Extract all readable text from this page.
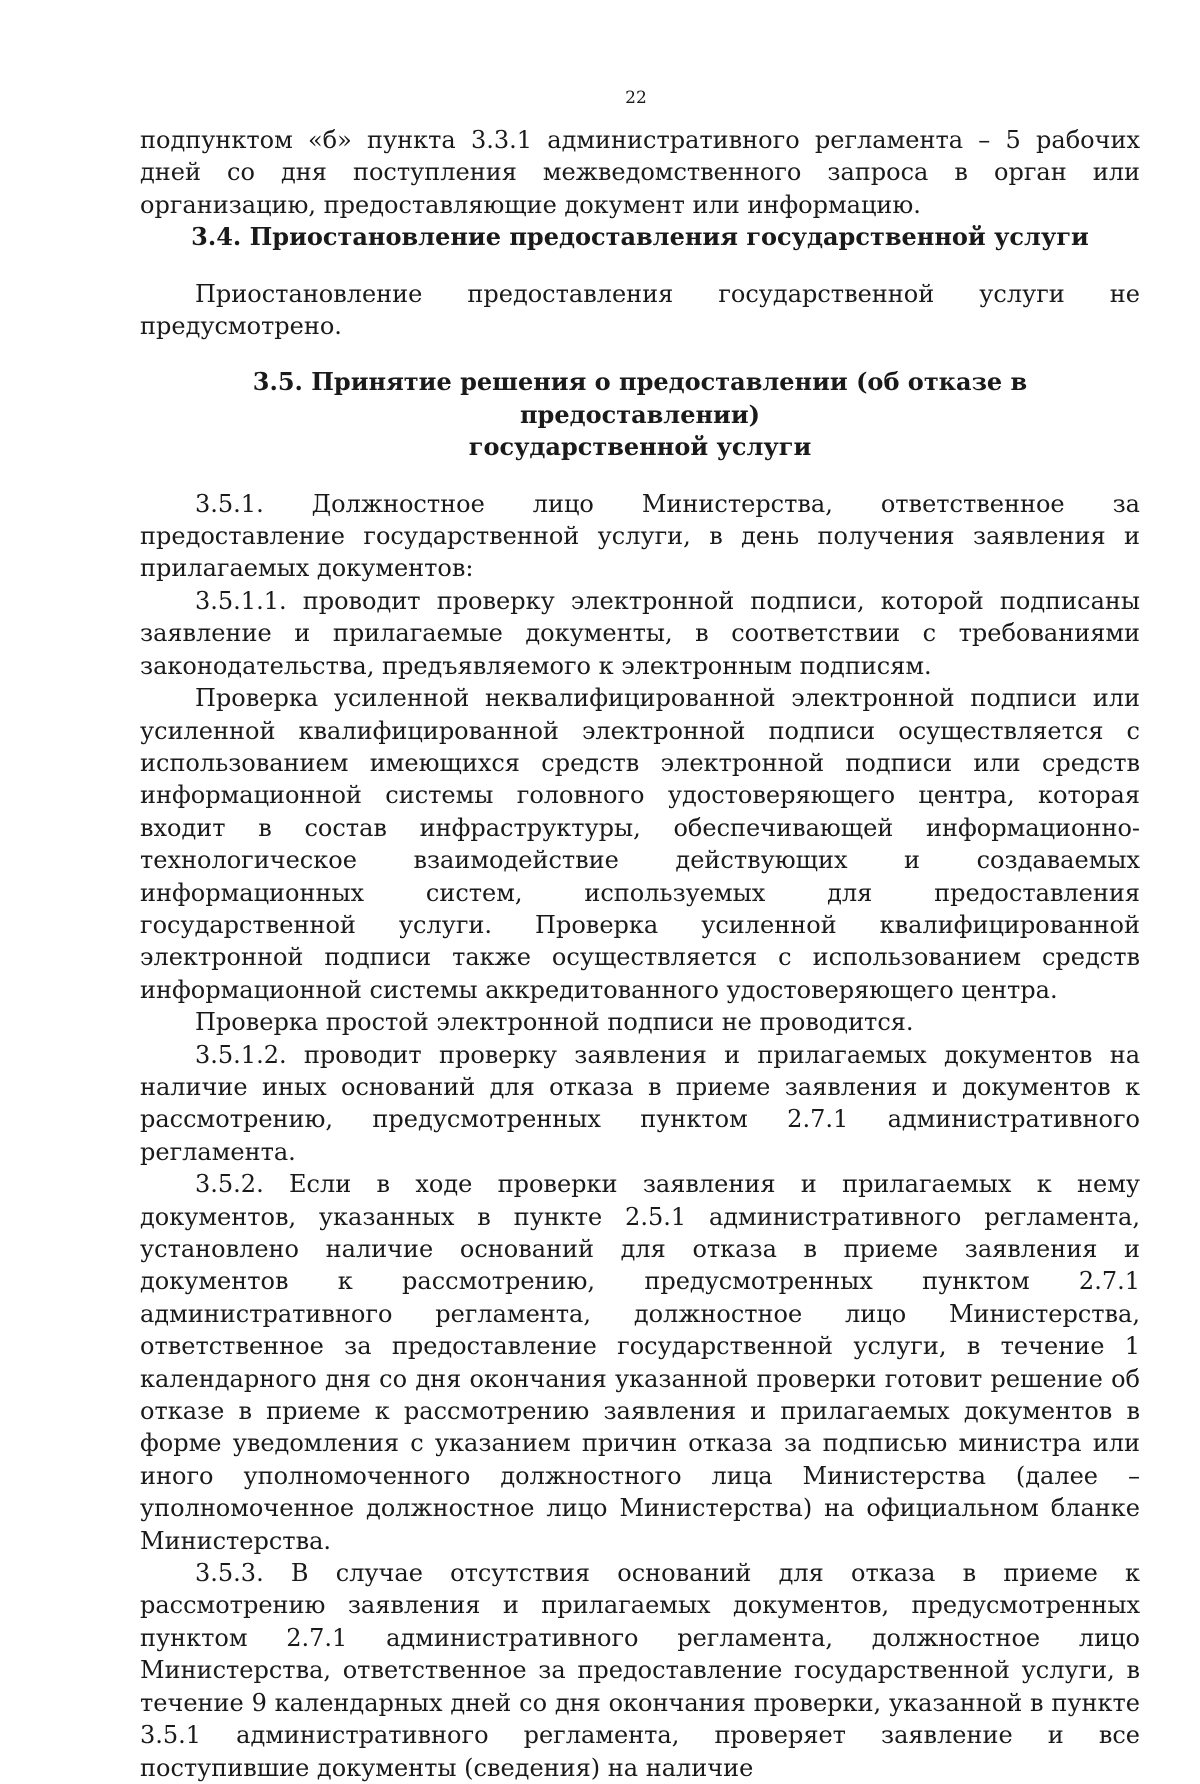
22

подпунктом «б» пункта 3.3.1 административного регламента – 5 рабочих дней со дня поступления межведомственного запроса в орган или организацию, предоставляющие документ или информацию.

3.4. Приостановление предоставления государственной услуги

Приостановление предоставления государственной услуги не предусмотрено.

3.5. Принятие решения о предоставлении (об отказе в предоставлении)
государственной услуги

3.5.1. Должностное лицо Министерства, ответственное за предоставление государственной услуги, в день получения заявления и прилагаемых документов:

3.5.1.1. проводит проверку электронной подписи, которой подписаны заявление и прилагаемые документы, в соответствии с требованиями законодательства, предъявляемого к электронным подписям.

Проверка усиленной неквалифицированной электронной подписи или усиленной квалифицированной электронной подписи осуществляется с использованием имеющихся средств электронной подписи или средств информационной системы головного удостоверяющего центра, которая входит в состав инфраструктуры, обеспечивающей информационно-технологическое взаимодействие действующих и создаваемых информационных систем, используемых для предоставления государственной услуги. Проверка усиленной квалифицированной электронной подписи также осуществляется с использованием средств информационной системы аккредитованного удостоверяющего центра.

Проверка простой электронной подписи не проводится.

3.5.1.2. проводит проверку заявления и прилагаемых документов на наличие иных оснований для отказа в приеме заявления и документов к рассмотрению, предусмотренных пунктом 2.7.1 административного регламента.

3.5.2. Если в ходе проверки заявления и прилагаемых к нему документов, указанных в пункте 2.5.1 административного регламента, установлено наличие оснований для отказа в приеме заявления и документов к рассмотрению, предусмотренных пунктом 2.7.1 административного регламента, должностное лицо Министерства, ответственное за предоставление государственной услуги, в течение 1 календарного дня со дня окончания указанной проверки готовит решение об отказе в приеме к рассмотрению заявления и прилагаемых документов в форме уведомления с указанием причин отказа за подписью министра или иного уполномоченного должностного лица Министерства (далее – уполномоченное должностное лицо Министерства) на официальном бланке Министерства.

3.5.3. В случае отсутствия оснований для отказа в приеме к рассмотрению заявления и прилагаемых документов, предусмотренных пунктом 2.7.1 административного регламента, должностное лицо Министерства, ответственное за предоставление государственной услуги, в течение 9 календарных дней со дня окончания проверки, указанной в пункте 3.5.1 административного регламента, проверяет заявление и все поступившие документы (сведения) на наличие
